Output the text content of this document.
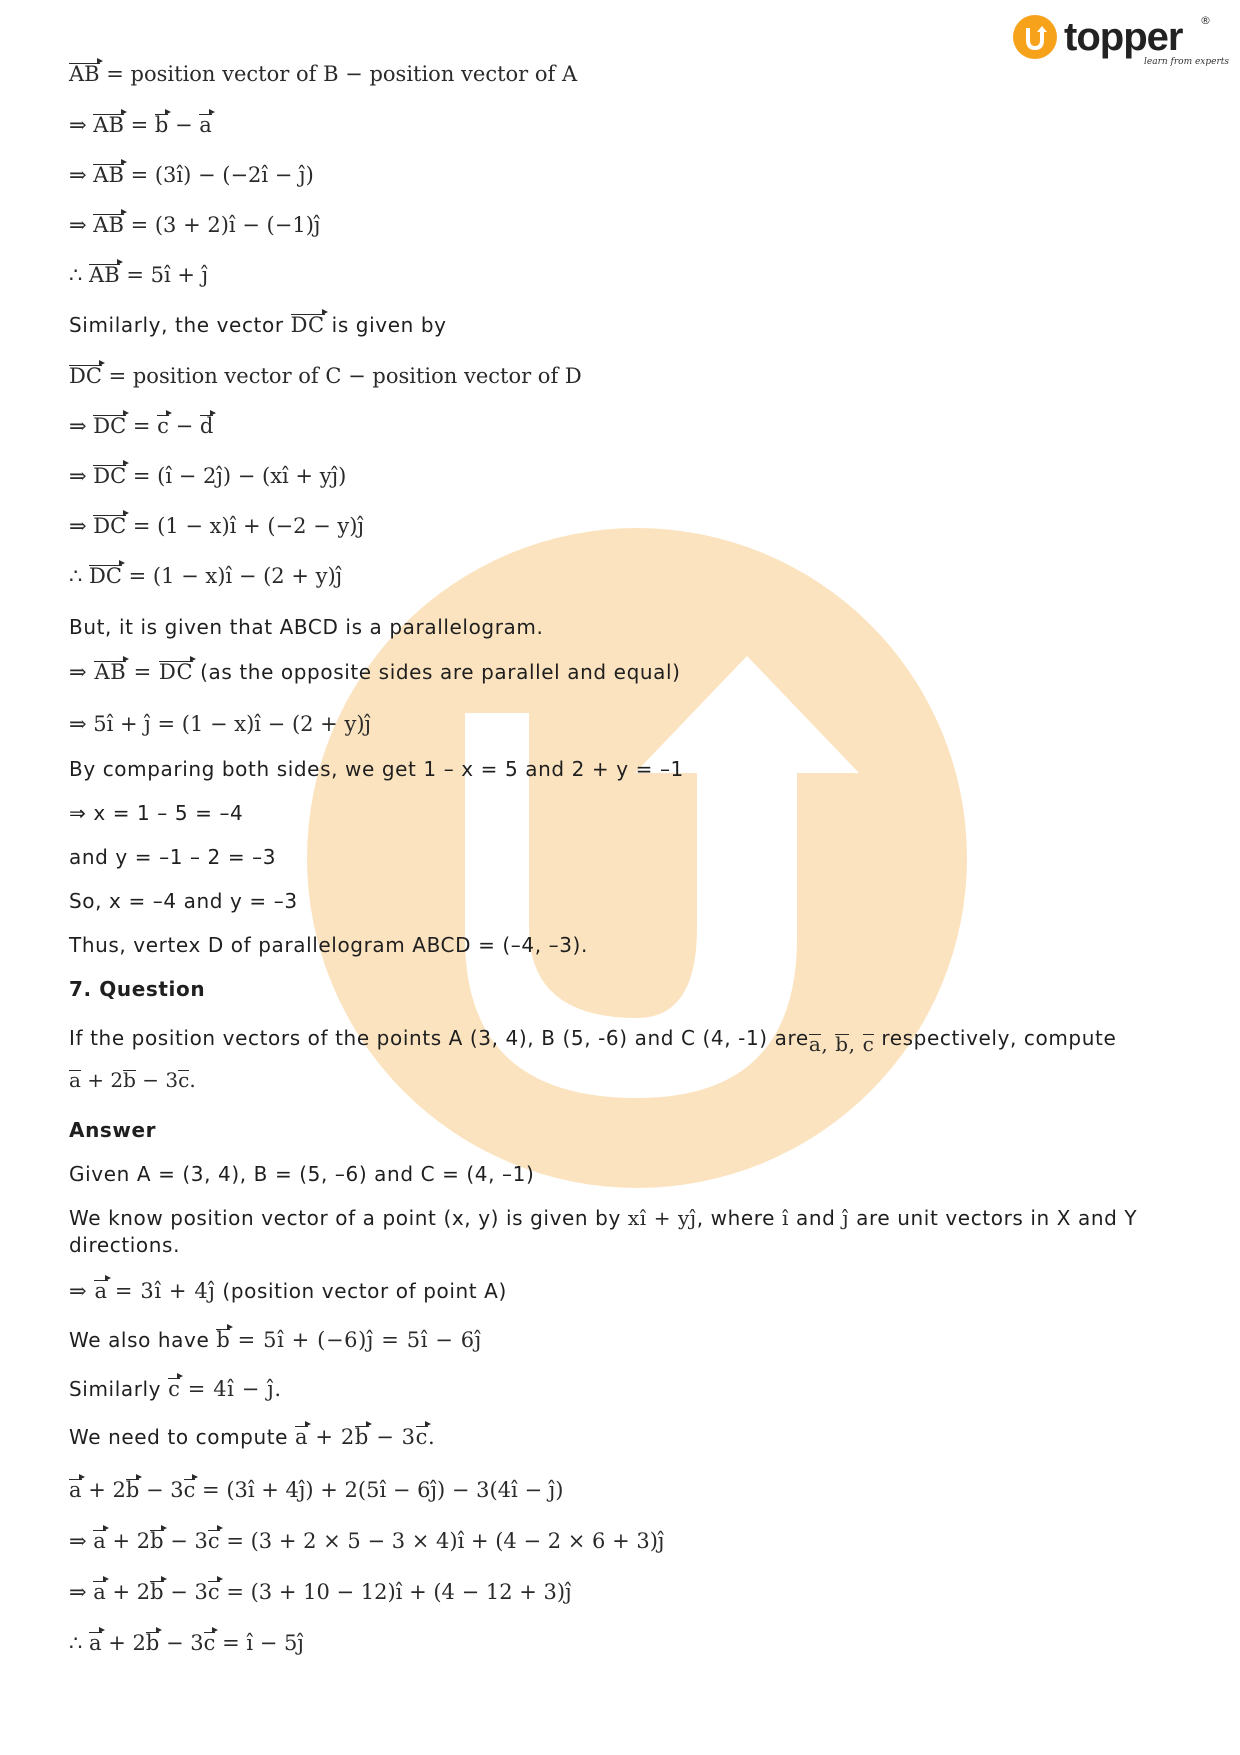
topper ®
learn from experts
AB = position vector of B − position vector of A
⇒ AB = b − a
⇒ AB = (3î) − (−2î − ĵ)
⇒ AB = (3 + 2)î − (−1)ĵ
∴ AB = 5î + ĵ
Similarly, the vector DC is given by
DC = position vector of C − position vector of D
⇒ DC = c − d
⇒ DC = (î − 2ĵ) − (xî + yĵ)
⇒ DC = (1 − x)î + (−2 − y)ĵ
∴ DC = (1 − x)î − (2 + y)ĵ
But, it is given that ABCD is a parallelogram.
⇒ AB = DC (as the opposite sides are parallel and equal)
⇒ 5î + ĵ = (1 − x)î − (2 + y)ĵ
By comparing both sides, we get 1 – x = 5 and 2 + y = –1
⇒ x = 1 – 5 = –4
and y = –1 – 2 = –3
So, x = –4 and y = –3
Thus, vertex D of parallelogram ABCD = (–4, –3).
7. Question
If the position vectors of the points A (3, 4), B (5, -6) and C (4, -1) area, b, c respectively, compute
a + 2b − 3c.
Answer
Given A = (3, 4), B = (5, –6) and C = (4, –1)
We know position vector of a point (x, y) is given by xî + yĵ, where î and ĵ are unit vectors in X and Y
directions.
⇒ a = 3î + 4ĵ (position vector of point A)
We also have b = 5î + (−6)ĵ = 5î − 6ĵ
Similarly c = 4î − ĵ.
We need to compute a + 2b − 3c.
a + 2b − 3c = (3î + 4ĵ) + 2(5î − 6ĵ) − 3(4î − ĵ)
⇒ a + 2b − 3c = (3 + 2 × 5 − 3 × 4)î + (4 − 2 × 6 + 3)ĵ
⇒ a + 2b − 3c = (3 + 10 − 12)î + (4 − 12 + 3)ĵ
∴ a + 2b − 3c = î − 5ĵ
